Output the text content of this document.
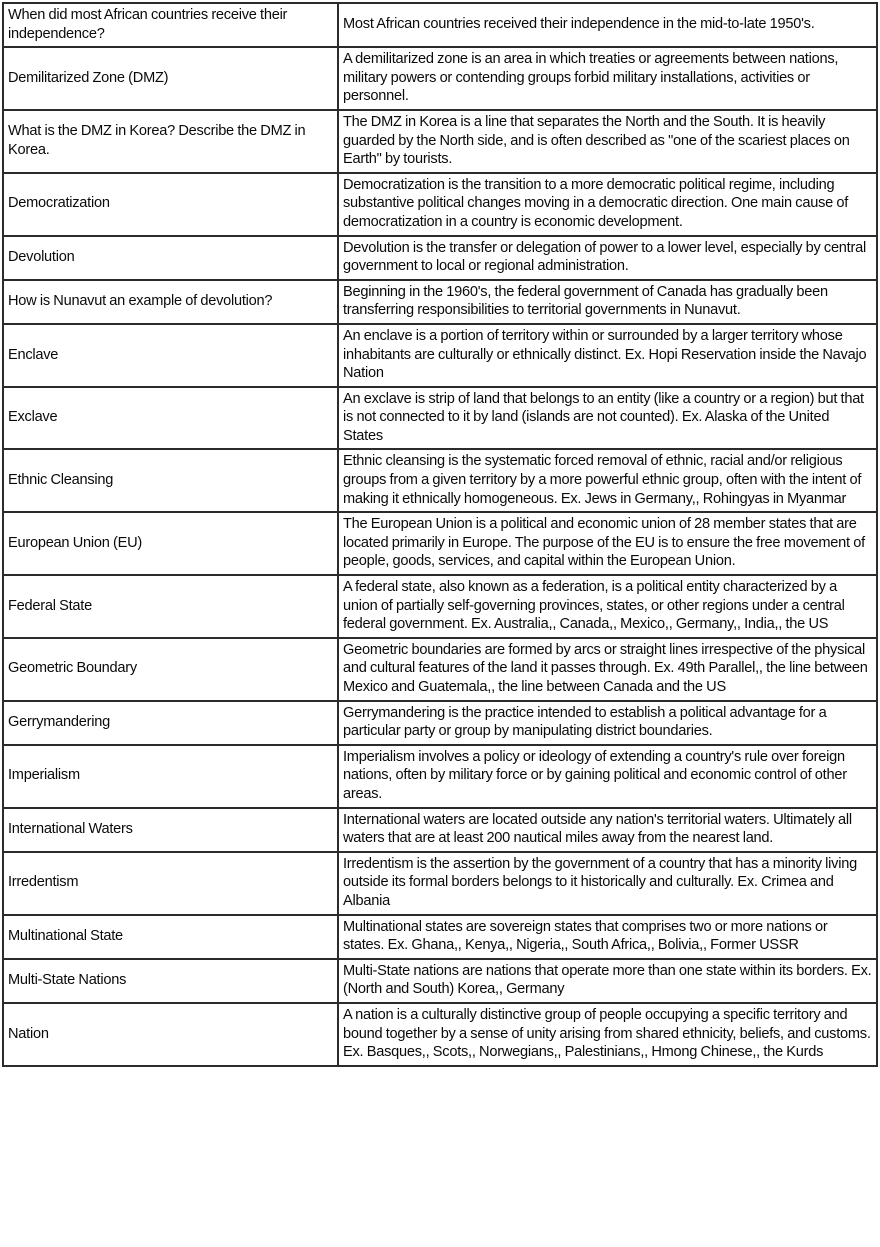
When did most African countries receive their independence?	Most African countries received their independence in the mid-to-late 1950's.

Demilitarized Zone (DMZ)	A demilitarized zone is an area in which treaties or agreements between nations, military powers or contending groups forbid military installations, activities or personnel.

What is the DMZ in Korea? Describe the DMZ in Korea.	The DMZ in Korea is a line that separates the North and the South. It is heavily guarded by the North side, and is often described as "one of the scariest places on Earth" by tourists.

Democratization	Democratization is the transition to a more democratic political regime, including substantive political changes moving in a democratic direction. One main cause of democratization in a country is economic development.

Devolution	Devolution is the transfer or delegation of power to a lower level, especially by central government to local or regional administration.

How is Nunavut an example of devolution?	Beginning in the 1960's, the federal government of Canada has gradually been transferring responsibilities to territorial governments in Nunavut.

Enclave	An enclave is a portion of territory within or surrounded by a larger territory whose inhabitants are culturally or ethnically distinct. Ex. Hopi Reservation inside the Navajo Nation

Exclave	An exclave is strip of land that belongs to an entity (like a country or a region) but that is not connected to it by land (islands are not counted). Ex. Alaska of the United States

Ethnic Cleansing	Ethnic cleansing is the systematic forced removal of ethnic, racial and/or religious groups from a given territory by a more powerful ethnic group, often with the intent of making it ethnically homogeneous. Ex. Jews in Germany,, Rohingyas in Myanmar

European Union (EU)	The European Union is a political and economic union of 28 member states that are located primarily in Europe. The purpose of the EU is to ensure the free movement of people, goods, services, and capital within the European Union.

Federal State	A federal state, also known as a federation, is a political entity characterized by a union of partially self-governing provinces, states, or other regions under a central federal government. Ex. Australia,, Canada,, Mexico,, Germany,, India,, the US

Geometric Boundary	Geometric boundaries are formed by arcs or straight lines irrespective of the physical and cultural features of the land it passes through. Ex. 49th Parallel,, the line between Mexico and Guatemala,, the line between Canada and the US

Gerrymandering	Gerrymandering is the practice intended to establish a political advantage for a particular party or group by manipulating district boundaries.

Imperialism	Imperialism involves a policy or ideology of extending a country's rule over foreign nations, often by military force or by gaining political and economic control of other areas.

International Waters	International waters are located outside any nation's territorial waters. Ultimately all waters that are at least 200 nautical miles away from the nearest land.

Irredentism	Irredentism is the assertion by the government of a country that has a minority living outside its formal borders belongs to it historically and culturally. Ex. Crimea and Albania

Multinational State	Multinational states are sovereign states that comprises two or more nations or states. Ex. Ghana,, Kenya,, Nigeria,, South Africa,, Bolivia,, Former USSR

Multi-State Nations	Multi-State nations are nations that operate more than one state within its borders. Ex. (North and South) Korea,, Germany

Nation	A nation is a culturally distinctive group of people occupying a specific territory and bound together by a sense of unity arising from shared ethnicity, beliefs, and customs. Ex. Basques,, Scots,, Norwegians,, Palestinians,, Hmong Chinese,, the Kurds
